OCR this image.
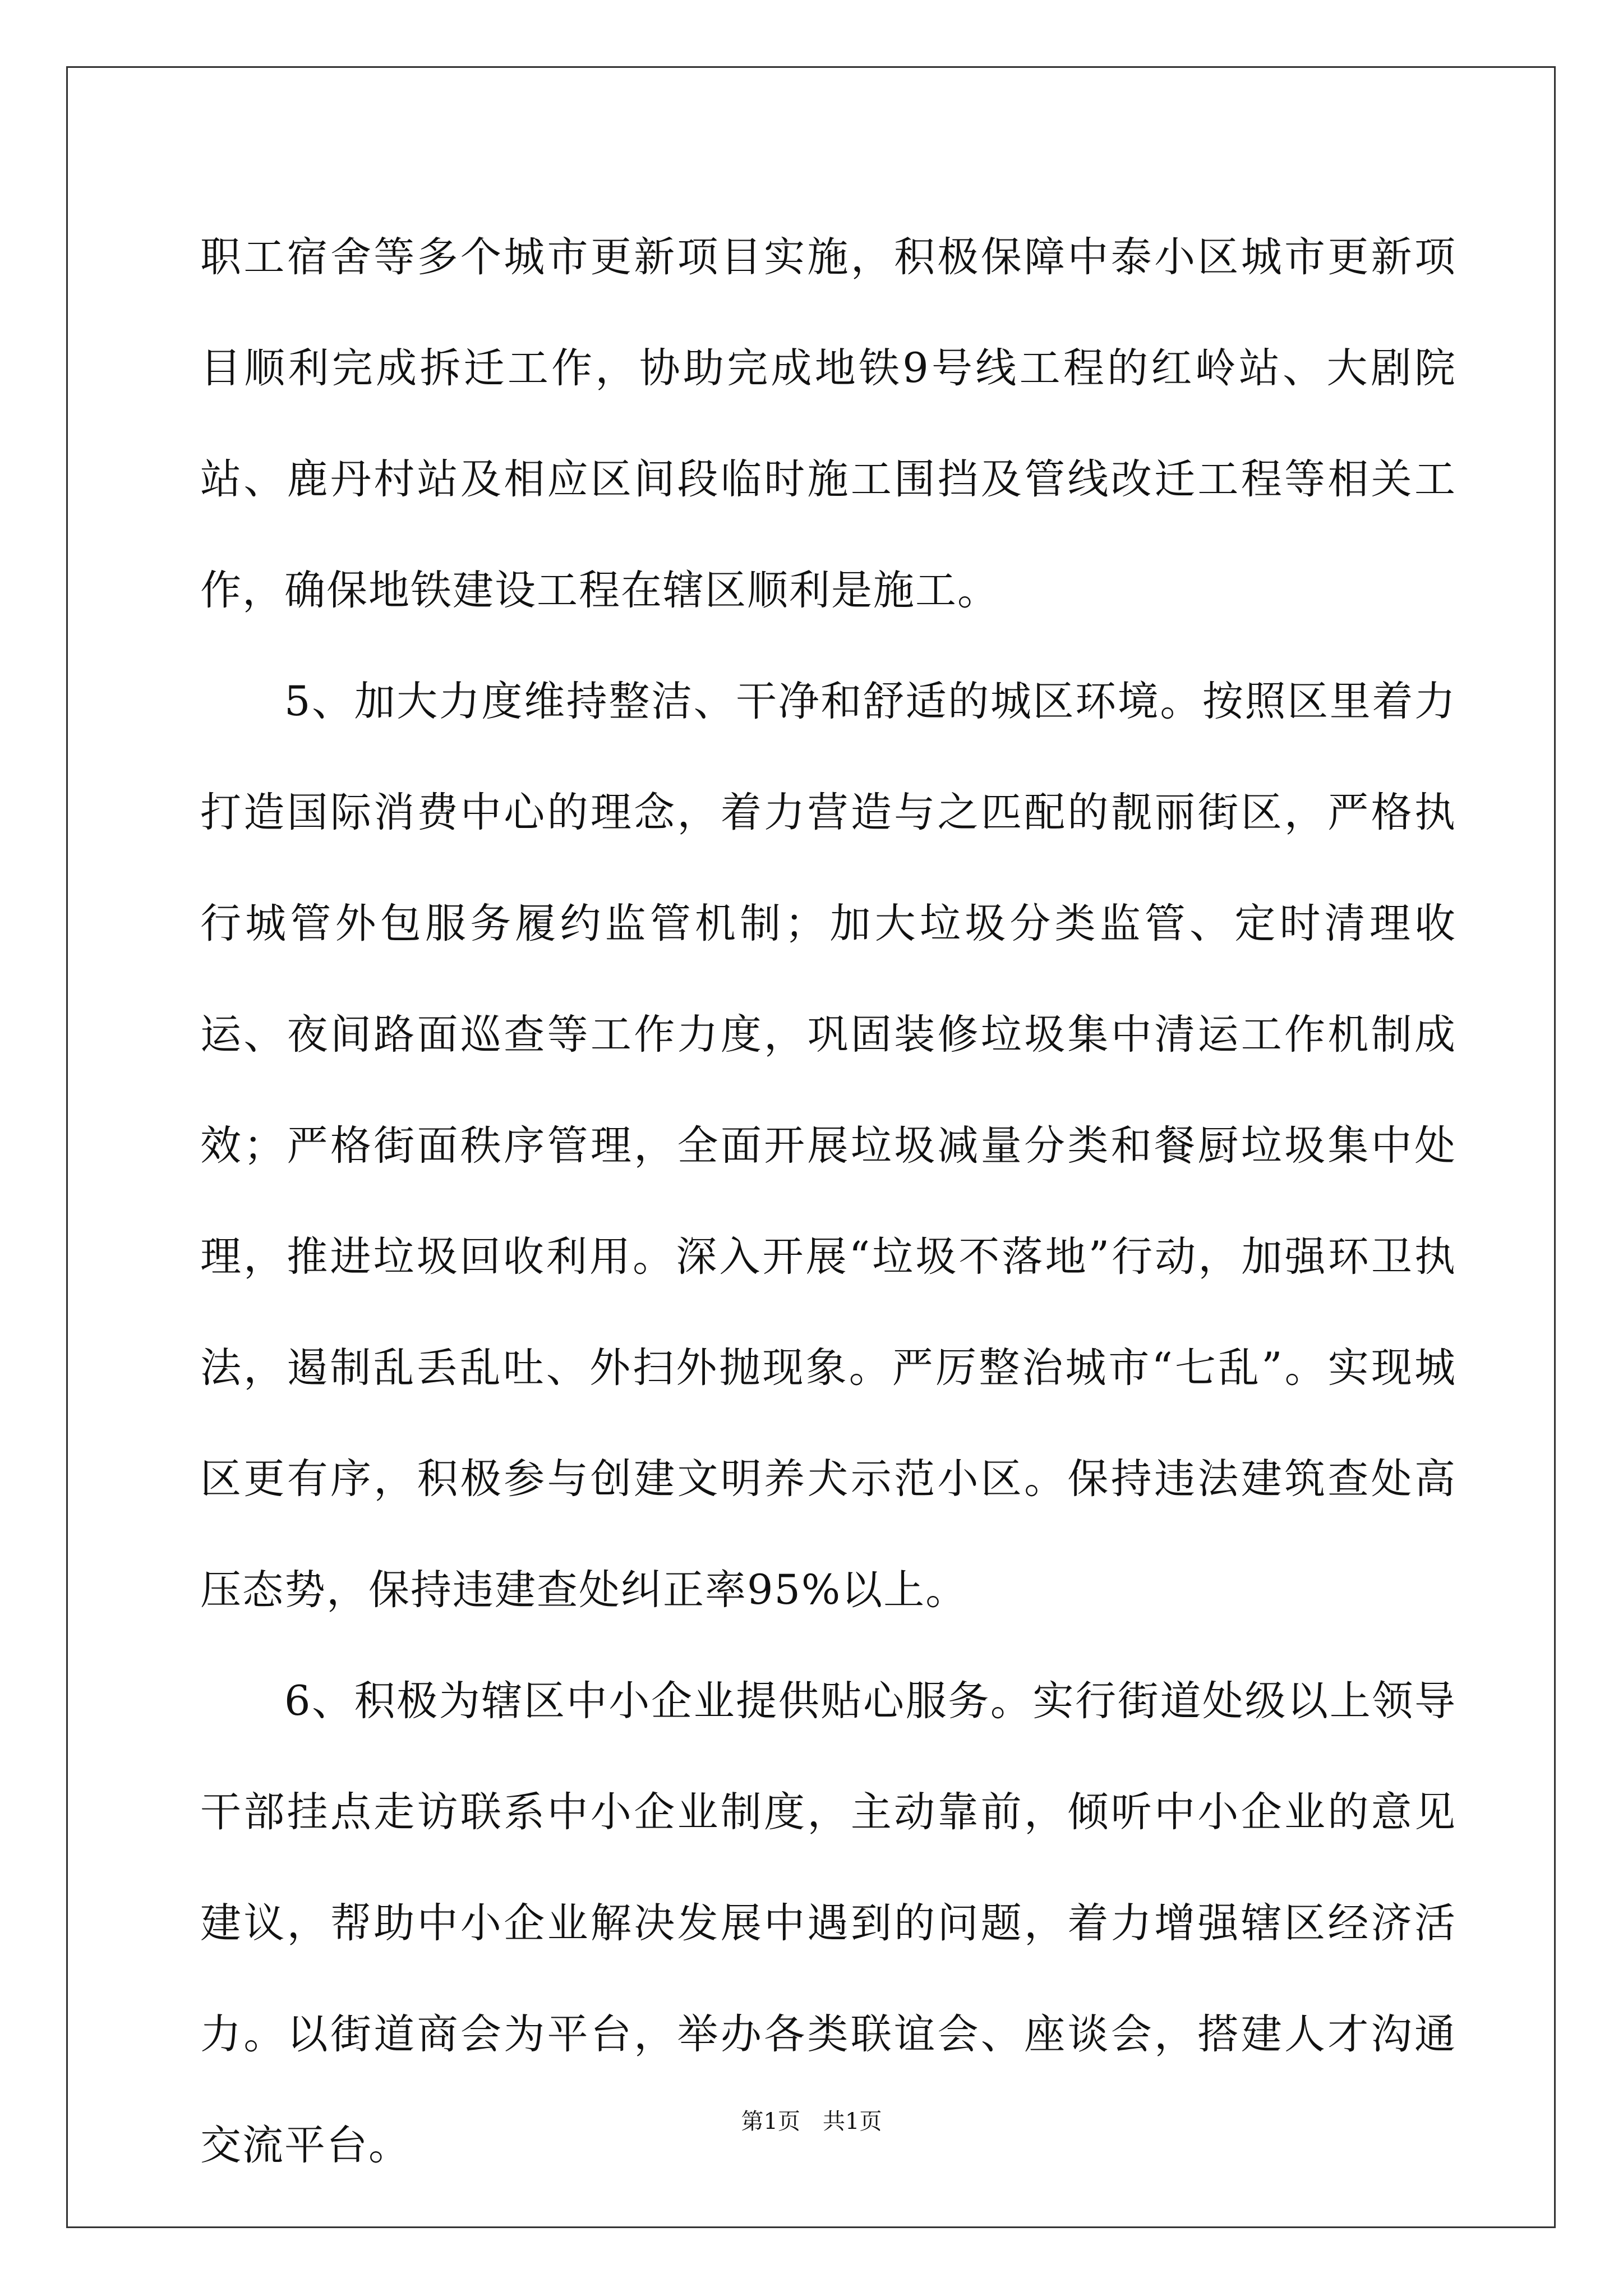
职工宿舍等多个城市更新项目实施，积极保障中泰小区城市更新项目顺利完成拆迁工作，协助完成地铁9号线工程的红岭站、大剧院站、鹿丹村站及相应区间段临时施工围挡及管线改迁工程等相关工作，确保地铁建设工程在辖区顺利是施工。

5、加大力度维持整洁、干净和舒适的城区环境。按照区里着力打造国际消费中心的理念，着力营造与之匹配的靓丽街区，严格执行城管外包服务履约监管机制；加大垃圾分类监管、定时清理收运、夜间路面巡查等工作力度，巩固装修垃圾集中清运工作机制成效；严格街面秩序管理，全面开展垃圾减量分类和餐厨垃圾集中处理，推进垃圾回收利用。深入开展“垃圾不落地”行动，加强环卫执法，遏制乱丢乱吐、外扫外抛现象。严厉整治城市“七乱”。实现城区更有序，积极参与创建文明养犬示范小区。保持违法建筑查处高压态势，保持违建查处纠正率95%以上。

6、积极为辖区中小企业提供贴心服务。实行街道处级以上领导干部挂点走访联系中小企业制度，主动靠前，倾听中小企业的意见建议，帮助中小企业解决发展中遇到的问题，着力增强辖区经济活力。以街道商会为平台，举办各类联谊会、座谈会，搭建人才沟通交流平台。	第1页　共1页
